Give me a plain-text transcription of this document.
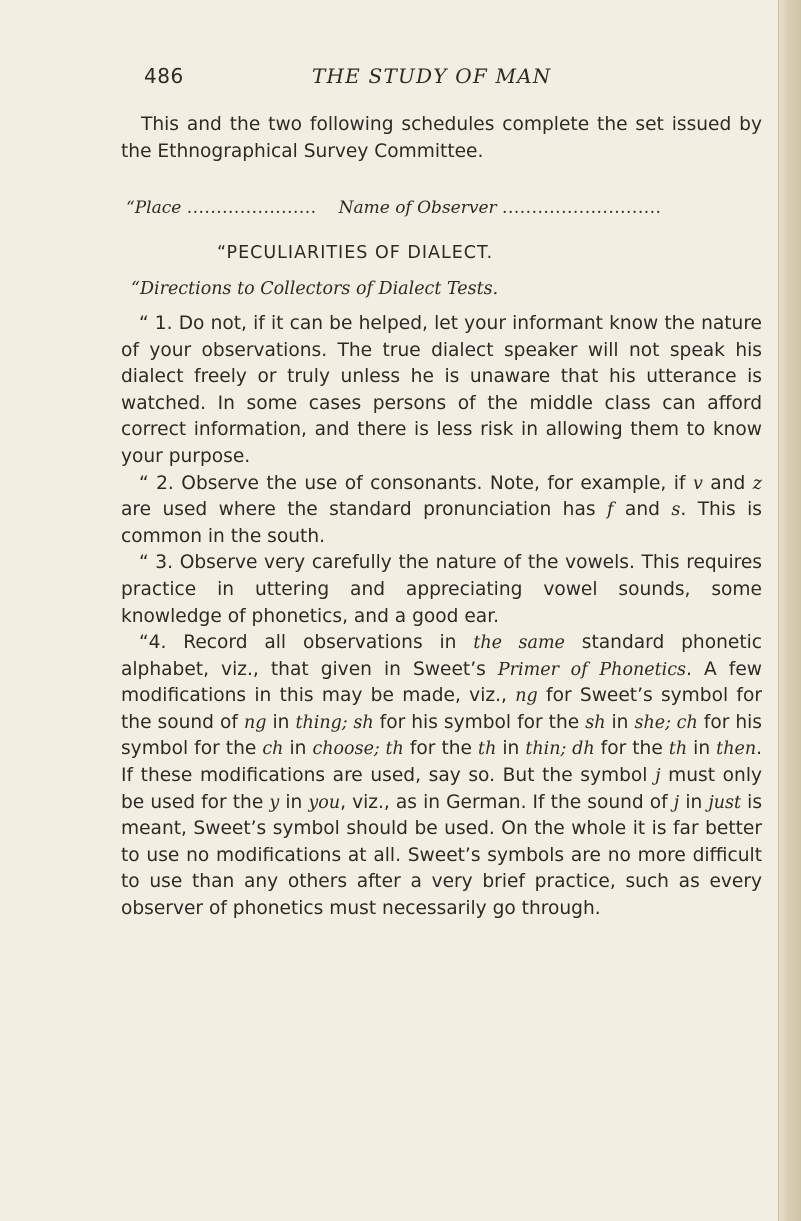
486	THE STUDY OF MAN

This and the two following schedules complete the set issued by the Ethnographical Survey Committee.

“Place ...................... Name of Observer ...........................

“PECULIARITIES OF DIALECT.

“Directions to Collectors of Dialect Tests.

“ 1. Do not, if it can be helped, let your informant know the nature of your observations. The true dialect speaker will not speak his dialect freely or truly unless he is unaware that his utterance is watched. In some cases persons of the middle class can afford correct information, and there is less risk in allowing them to know your purpose.

“ 2. Observe the use of consonants. Note, for example, if v and z are used where the standard pronunciation has f and s. This is common in the south.

“ 3. Observe very carefully the nature of the vowels. This requires practice in uttering and appreciating vowel sounds, some knowledge of phonetics, and a good ear.

“4. Record all observations in the same standard phonetic alphabet, viz., that given in Sweet’s Primer of Phonetics. A few modifications in this may be made, viz., ng for Sweet’s symbol for the sound of ng in thing; sh for his symbol for the sh in she; ch for his symbol for the ch in choose; th for the th in thin; dh for the th in then. If these modifications are used, say so. But the symbol j must only be used for the y in you, viz., as in German. If the sound of j in just is meant, Sweet’s symbol should be used. On the whole it is far better to use no modifications at all. Sweet’s symbols are no more difficult to use than any others after a very brief practice, such as every observer of phonetics must necessarily go through.
